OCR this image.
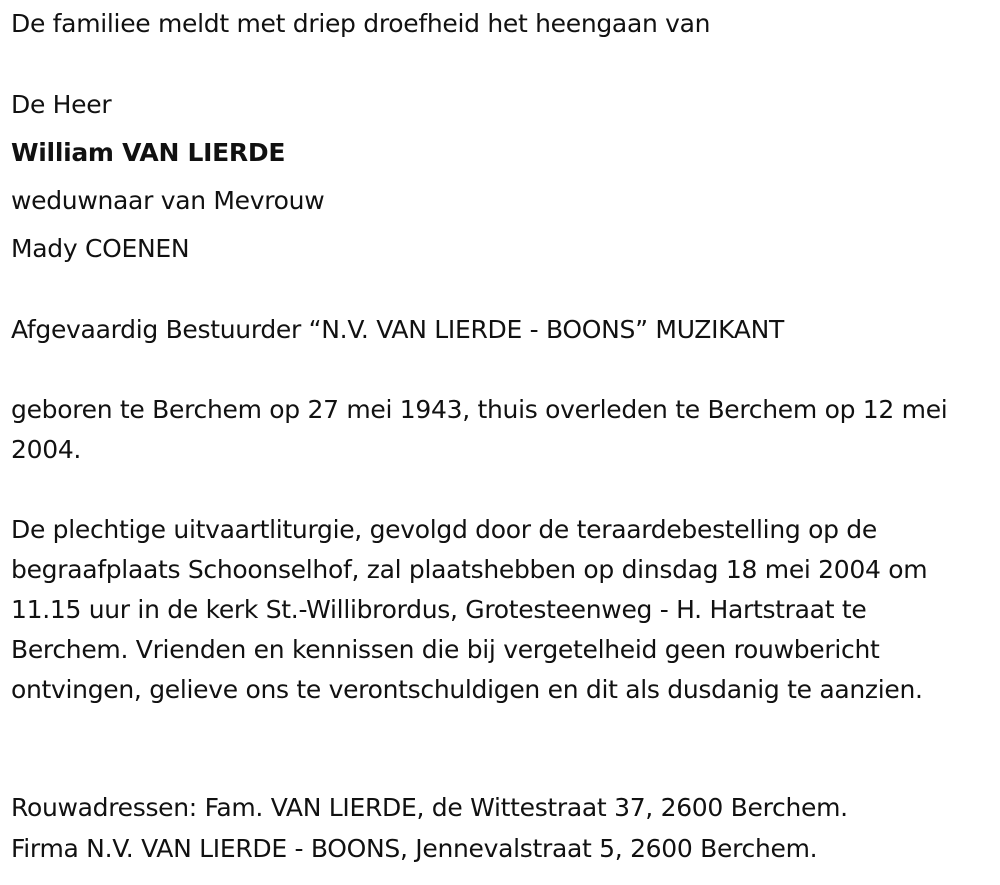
De familiee meldt met driep droefheid het heengaan van
De Heer
William VAN LIERDE
weduwnaar van Mevrouw
Mady COENEN
Afgevaardig Bestuurder “N.V. VAN LIERDE - BOONS” MUZIKANT
geboren te Berchem op 27 mei 1943, thuis overleden te Berchem op 12 mei 2004.
De plechtige uitvaartliturgie, gevolgd door de teraardebestelling op de begraafplaats Schoonselhof, zal plaatshebben op dinsdag 18 mei 2004 om 11.15 uur in de kerk St.-Willibrordus, Grotesteenweg - H. Hartstraat te Berchem. Vrienden en kennissen die bij vergetelheid geen rouwbericht ontvingen, gelieve ons te verontschuldigen en dit als dusdanig te aanzien.
Rouwadressen: Fam. VAN LIERDE, de Wittestraat 37, 2600 Berchem.
Firma N.V. VAN LIERDE - BOONS, Jennevalstraat 5, 2600 Berchem.
